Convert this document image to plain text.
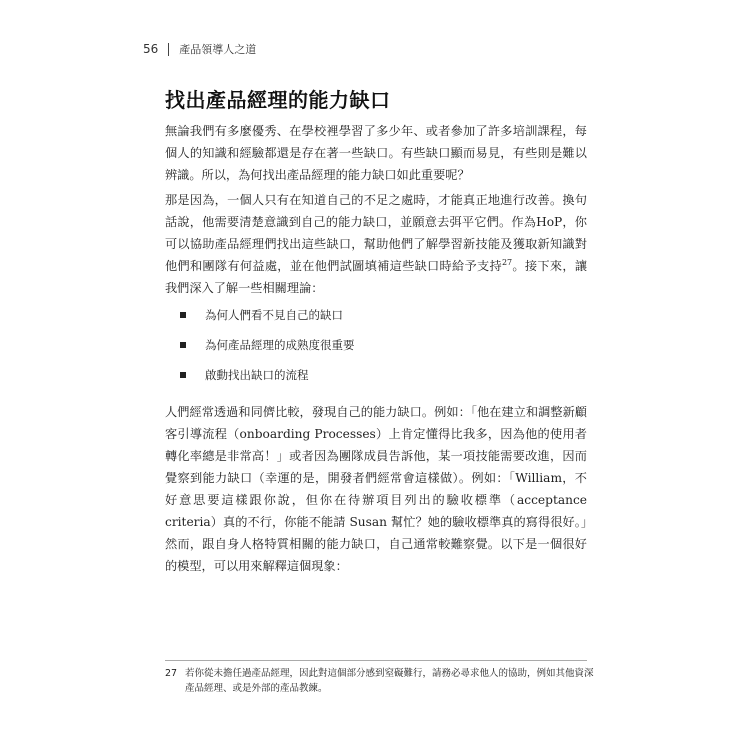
56 產品領導人之道
找出產品經理的能力缺口

無論我們有多麼優秀、在學校裡學習了多少年、或者參加了許多培訓課程，每個人的知識和經驗都還是存在著一些缺口。有些缺口顯而易見，有些則是難以辨識。所以，為何找出產品經理的能力缺口如此重要呢？

那是因為，一個人只有在知道自己的不足之處時，才能真正地進行改善。換句話說，他需要清楚意識到自己的能力缺口，並願意去弭平它們。作為HoP，你可以協助產品經理們找出這些缺口，幫助他們了解學習新技能及獲取新知識對他們和團隊有何益處，並在他們試圖填補這些缺口時給予支持$^{27}$。接下來，讓我們深入了解一些相關理論：

為何人們看不見自己的缺口
為何產品經理的成熟度很重要
啟動找出缺口的流程

人們經常透過和同儕比較，發現自己的能力缺口。例如：「他在建立和調整新顧客引導流程（onboarding Processes）上肯定懂得比我多，因為他的使用者轉化率總是非常高！」或者因為團隊成員告訴他，某一項技能需要改進，因而覺察到能力缺口（幸運的是，開發者們經常會這樣做）。例如：「William，不好意思要這樣跟你說，但你在待辦項目列出的驗收標準（acceptance criteria）真的不行，你能不能請 Susan 幫忙？她的驗收標準真的寫得很好。」然而，跟自身人格特質相關的能力缺口，自己通常較難察覺。以下是一個很好的模型，可以用來解釋這個現象：

27 若你從未擔任過產品經理，因此對這個部分感到窒礙難行，請務必尋求他人的協助，例如其他資深產品經理、或是外部的產品教練。
